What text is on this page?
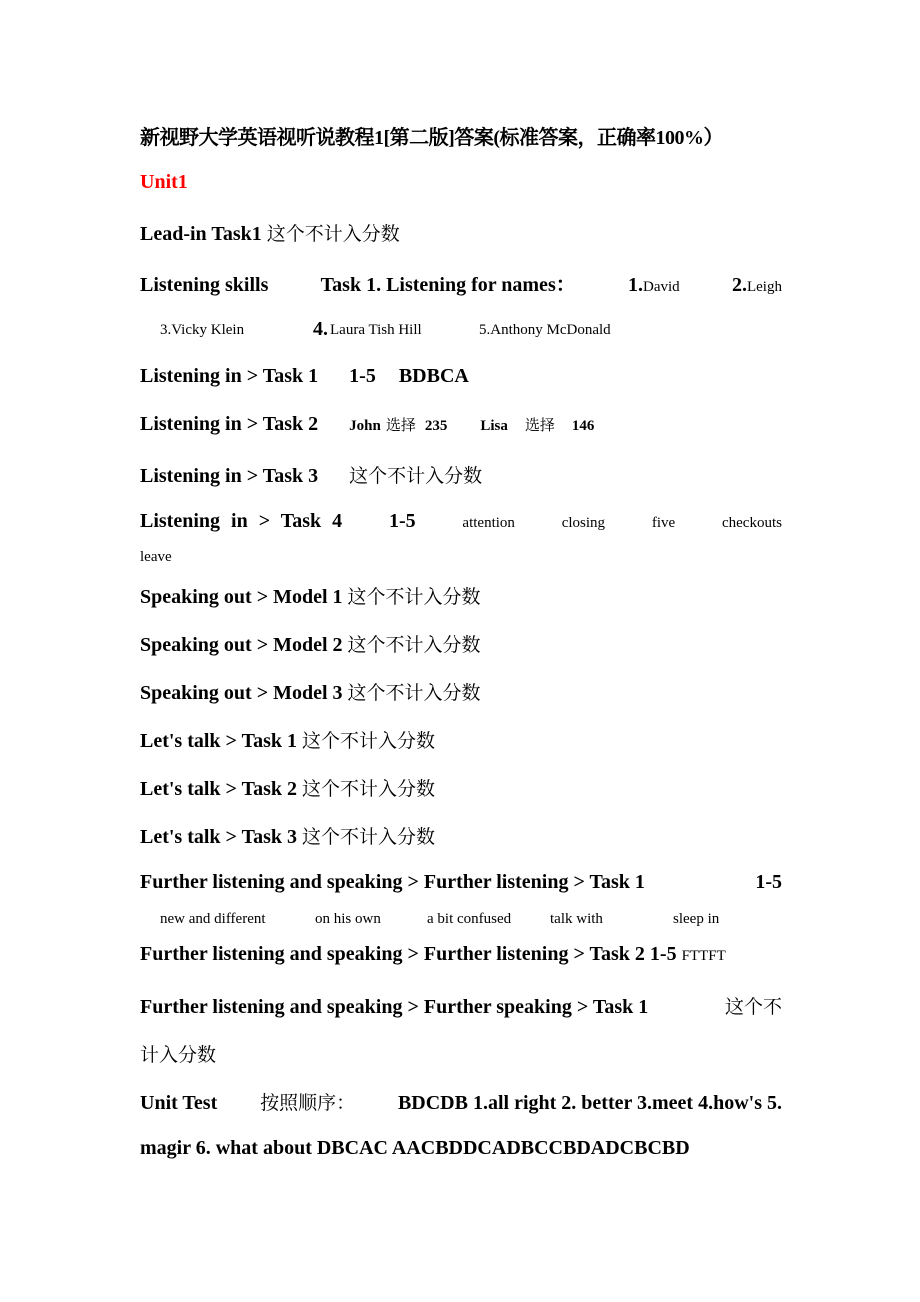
新视野大学英语视听说教程1[第二版]答案(标准答案，正确率100%）
Unit1
Lead-in Task1 这个不计入分数
Listening skills	Task 1. Listening for names：	1.David	2.Leigh
3.Vicky Klein	4. Laura Tish Hill	5.Anthony McDonald
Listening in > Task 1 1-5 BDBCA
Listening in > Task 2 John 选择 235 Lisa 选择 146
Listening in > Task 3 这个不计入分数
Listening in > Task 4 1-5	attention	closing	five	checkouts
leave
Speaking out > Model 1 这个不计入分数
Speaking out > Model 2 这个不计入分数
Speaking out > Model 3 这个不计入分数
Let's talk > Task 1 这个不计入分数
Let's talk > Task 2 这个不计入分数
Let's talk > Task 3 这个不计入分数
Further listening and speaking > Further listening > Task 1	1-5
new and different	on his own	a bit confused	talk with	sleep in
Further listening and speaking > Further listening > Task 2 1-5 FTTFT
Further listening and speaking > Further speaking > Task 1	这个不
计入分数
Unit Test 按照顺序： BDCDB 1.all right 2. better 3.meet 4.how's 5.
magir 6. what about DBCAC AACBDDCADBCCBDADCBCBD
